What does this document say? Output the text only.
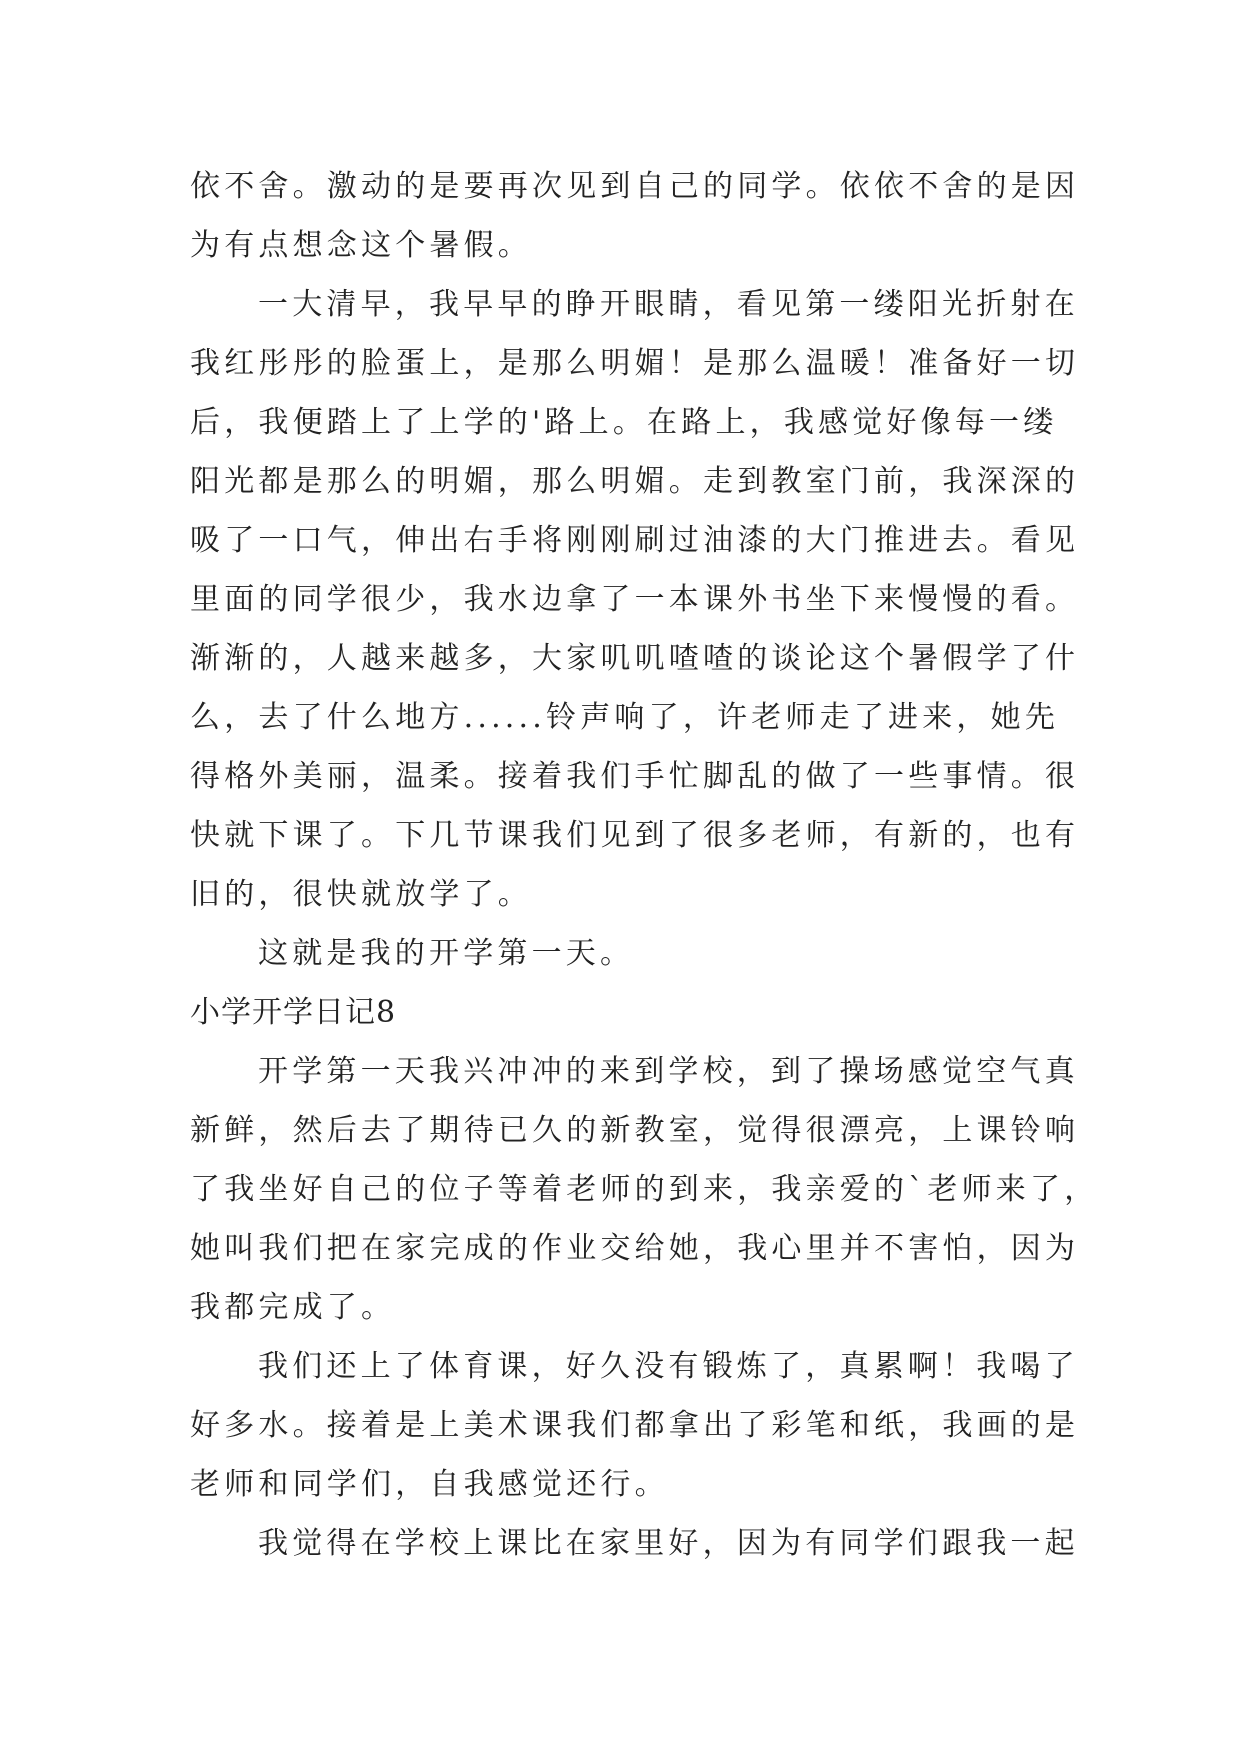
依不舍。激动的是要再次见到自己的同学。依依不舍的是因
为有点想念这个暑假。
一大清早，我早早的睁开眼睛，看见第一缕阳光折射在
我红彤彤的脸蛋上，是那么明媚！是那么温暖！准备好一切
后，我便踏上了上学的'路上。在路上，我感觉好像每一缕
阳光都是那么的明媚，那么明媚。走到教室门前，我深深的
吸了一口气，伸出右手将刚刚刷过油漆的大门推进去。看见
里面的同学很少，我水边拿了一本课外书坐下来慢慢的看。
渐渐的，人越来越多，大家叽叽喳喳的谈论这个暑假学了什
么，去了什么地方......铃声响了，许老师走了进来，她先
得格外美丽，温柔。接着我们手忙脚乱的做了一些事情。很
快就下课了。下几节课我们见到了很多老师，有新的，也有
旧的，很快就放学了。
这就是我的开学第一天。
小学开学日记8
开学第一天我兴冲冲的来到学校，到了操场感觉空气真
新鲜，然后去了期待已久的新教室，觉得很漂亮，上课铃响
了我坐好自己的位子等着老师的到来，我亲爱的`老师来了，
她叫我们把在家完成的作业交给她，我心里并不害怕，因为
我都完成了。
我们还上了体育课，好久没有锻炼了，真累啊！我喝了
好多水。接着是上美术课我们都拿出了彩笔和纸，我画的是
老师和同学们，自我感觉还行。
我觉得在学校上课比在家里好，因为有同学们跟我一起
